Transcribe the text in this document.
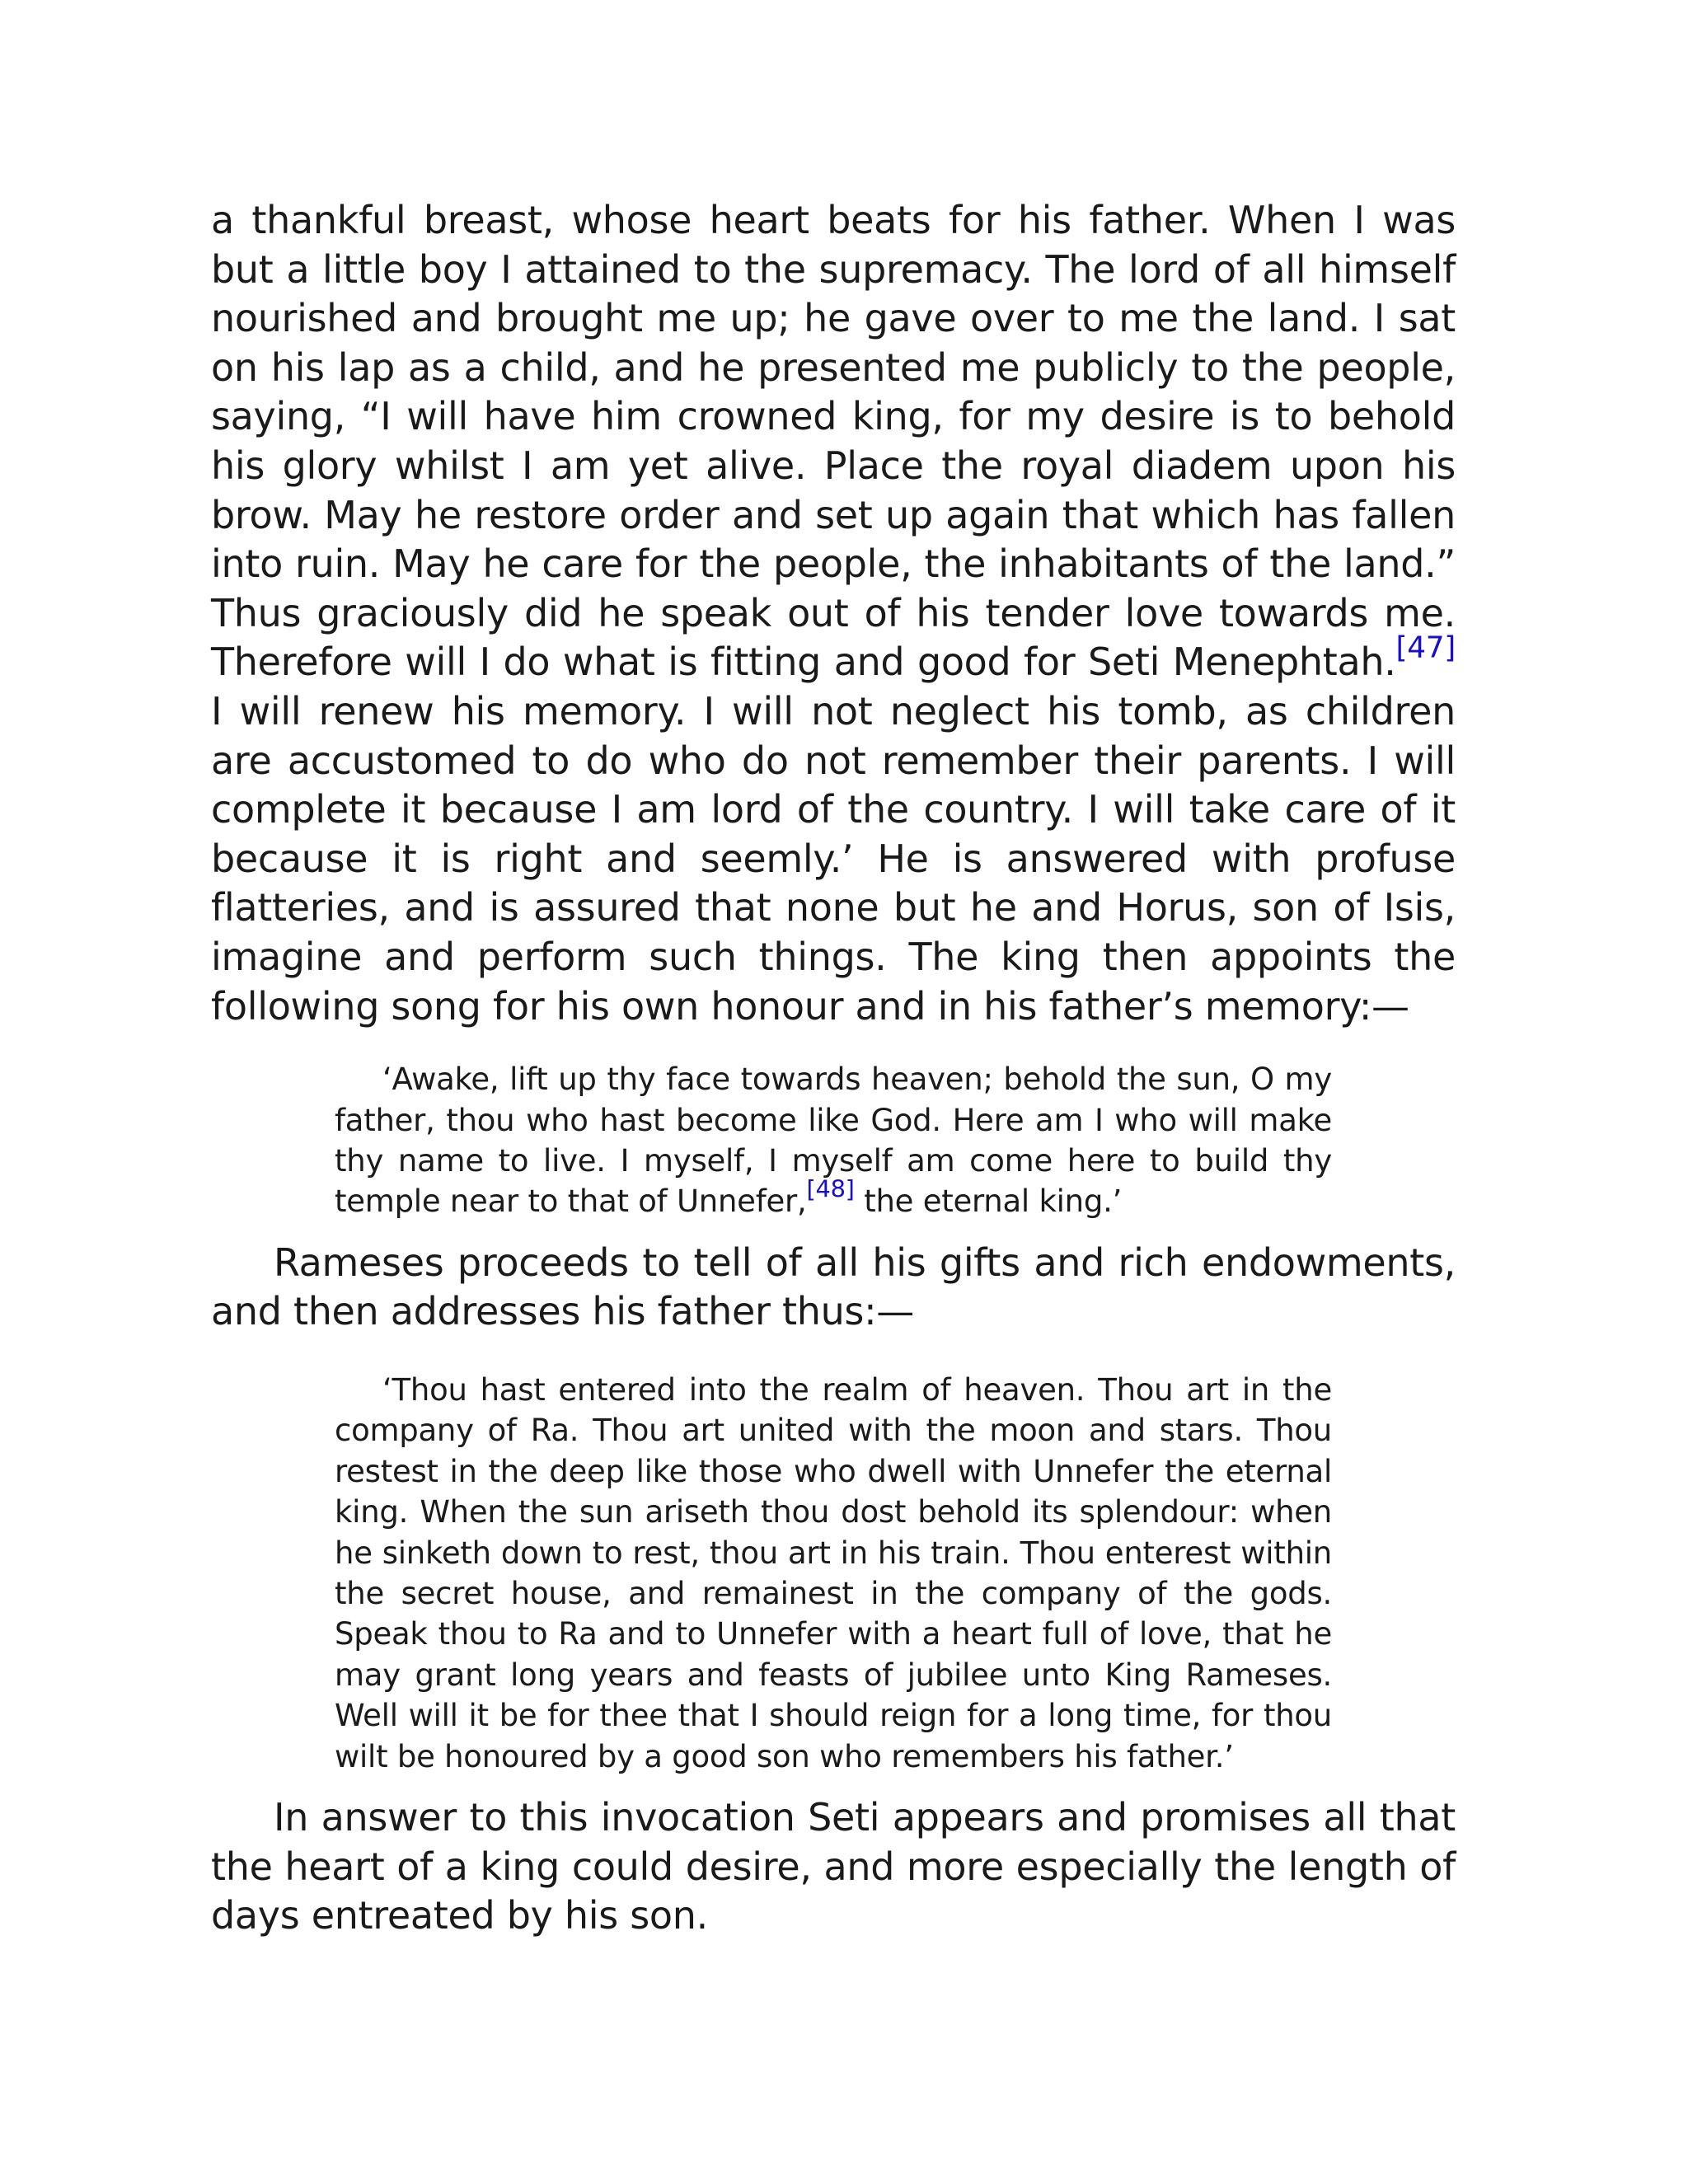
a thankful breast, whose heart beats for his father. When I was but a little boy I attained to the supremacy. The lord of all himself nourished and brought me up; he gave over to me the land. I sat on his lap as a child, and he presented me publicly to the people, saying, “I will have him crowned king, for my desire is to behold his glory whilst I am yet alive. Place the royal diadem upon his brow. May he restore order and set up again that which has fallen into ruin. May he care for the people, the inhabitants of the land.” Thus graciously did he speak out of his tender love towards me. Therefore will I do what is fitting and good for Seti Menephtah.[47] I will renew his memory. I will not neglect his tomb, as children are accustomed to do who do not remember their parents. I will complete it because I am lord of the country. I will take care of it because it is right and seemly.’ He is answered with profuse flatteries, and is assured that none but he and Horus, son of Isis, imagine and perform such things. The king then appoints the following song for his own honour and in his father’s memory:—

‘Awake, lift up thy face towards heaven; behold the sun, O my father, thou who hast become like God. Here am I who will make thy name to live. I myself, I myself am come here to build thy temple near to that of Unnefer,[48] the eternal king.’

Rameses proceeds to tell of all his gifts and rich endowments, and then addresses his father thus:—

‘Thou hast entered into the realm of heaven. Thou art in the company of Ra. Thou art united with the moon and stars. Thou restest in the deep like those who dwell with Unnefer the eternal king. When the sun ariseth thou dost behold its splendour: when he sinketh down to rest, thou art in his train. Thou enterest within the secret house, and remainest in the company of the gods. Speak thou to Ra and to Unnefer with a heart full of love, that he may grant long years and feasts of jubilee unto King Rameses. Well will it be for thee that I should reign for a long time, for thou wilt be honoured by a good son who remembers his father.’

In answer to this invocation Seti appears and promises all that the heart of a king could desire, and more especially the length of days entreated by his son.
